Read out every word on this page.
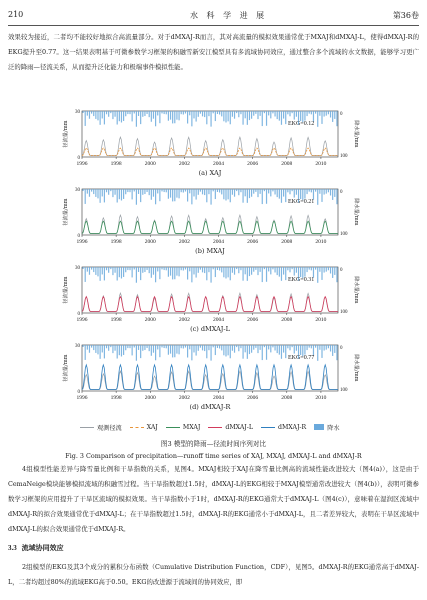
210	水 科 学 进 展	第36卷

效果较为接近，二者均不能较好地拟合高流量部分。对于dMXAJ-R而言，其对高流量的模拟效果通常优于MXAJ和dMXAJ-L，使得dMXAJ-R的EKG提升至0.77。这一结果表明基于可微参数学习框架的积融雪新安江模型具有多流域协同效应，通过整合多个流域的水文数据，能够学习更广泛的降雨—径流关系，从而提升泛化能力和极端事件模拟性能。

1996	1998	2000	2002	2004	2006	2008	2010
0
30	0
100
径流量/mm	降水量/mm
EKG=0.12
(a) XAJ
1996	1998	2000	2002	2004	2006	2008	2010
0
30	0
100
径流量/mm	降水量/mm
EKG=0.21
(b) MXAJ
1996	1998	2000	2002	2004	2006	2008	2010
0
30	0
100
径流量/mm	降水量/mm
EKG=0.31
(c) dMXAJ-L
1996	1998	2000	2002	2004	2006	2008	2010
0
30	0
100
径流量/mm	降水量/mm
EKG=0.77
(d) dMXAJ-R
观测径流	XAJ	MXAJ	dMXAJ-L	dMXAJ-R	降水
图3 模型的降雨—径流时间序列对比
Fig. 3 Comparison of precipitation—runoff time series of XAJ, MXAJ, dMXAJ-L and dMXAJ-R

4组模型性能差异与降雪量比例和干旱指数的关系，见图4。MXAJ相较于XAJ在降雪量比例高的流域性能改进较大（图4(a)），这是由于CemaNeige模块能够模拟流域的积融雪过程。当干旱指数超过1.5时，dMXAJ-L的EKG相较于MXAJ模型通常改进较大（图4(b)），表明可微参数学习框架的应用提升了干旱区流域的模拟效果。当干旱指数小于1时，dMXAJ-R的EKG通常大于dMXAJ-L（图4(c)），意味着在湿润区流域中dMXAJ-R的拟合效果通常优于dMXAJ-L；在干旱指数超过1.5时，dMXAJ-R的EKG通常小于dMXAJ-L，且二者差异较大，表明在干旱区流域中dMXAJ-L的拟合效果通常优于dMXAJ-R。

3.3 流域协同效应

2组模型的EKG及其3个成分的累积分布函数（Cumulative Distribution Function，CDF），见图5。dMXAJ-R的EKG通常高于dMXAJ-L，二者均超过80%的流域EKG高于0.50。EKG的改进源于流域间的协同效应，即
